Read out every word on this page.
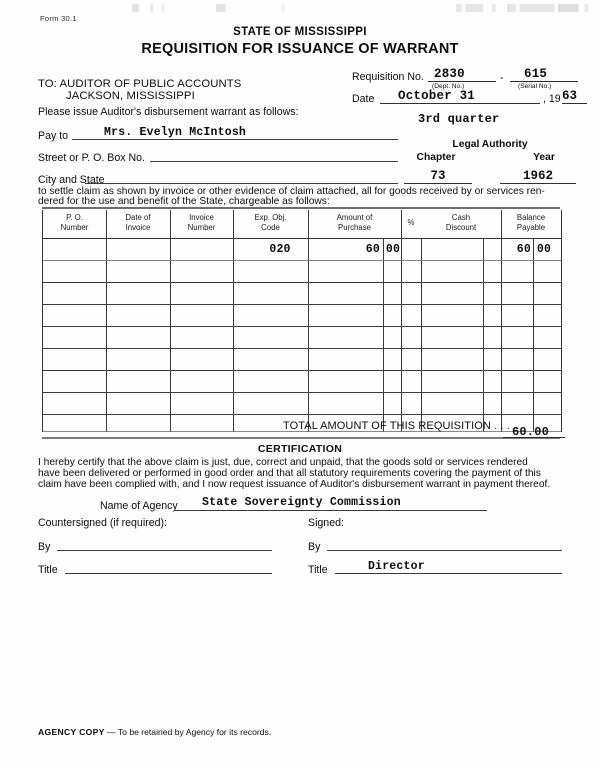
Form 30.1
STATE OF MISSISSIPPI
REQUISITION FOR ISSUANCE OF WARRANT
TO: AUDITOR OF PUBLIC ACCOUNTS
JACKSON, MISSISSIPPI
Please issue Auditor's disbursement warrant as follows:
Pay to	Mrs. Evelyn McIntosh
Street or P. O. Box No.
City and State
to settle claim as shown by invoice or other evidence of claim attached, all for goods received by or services ren-
dered for the use and benefit of the State, chargeable as follows:
Requisition No. 2830	- 615
(Dept. No.)	(Serial No.)
Date October 31	, 19 63
3rd quarter
Legal Authority
Chapter	Year
73	1962
P. O.
Number
Date of
Invoice
Invoice
Number
Exp. Obj.
Code
Amount of
Purchase
%
Cash
Discount
Balance
Payable
020	60 00	60 00
TOTAL AMOUNT OF THIS REQUISITION . . . 60.00
CERTIFICATION
I hereby certify that the above claim is just, due, correct and unpaid, that the goods sold or services rendered
have been delivered or performed in good order and that all statutory requirements covering the payment of this
claim have been complied with, and I now request issuance of Auditor's disbursement warrant in payment thereof.
Name of Agency State Sovereignty Commission
Countersigned (if required):	Signed:
By	By
Title	Title	Director
AGENCY COPY — To be retained by Agency for its records.
